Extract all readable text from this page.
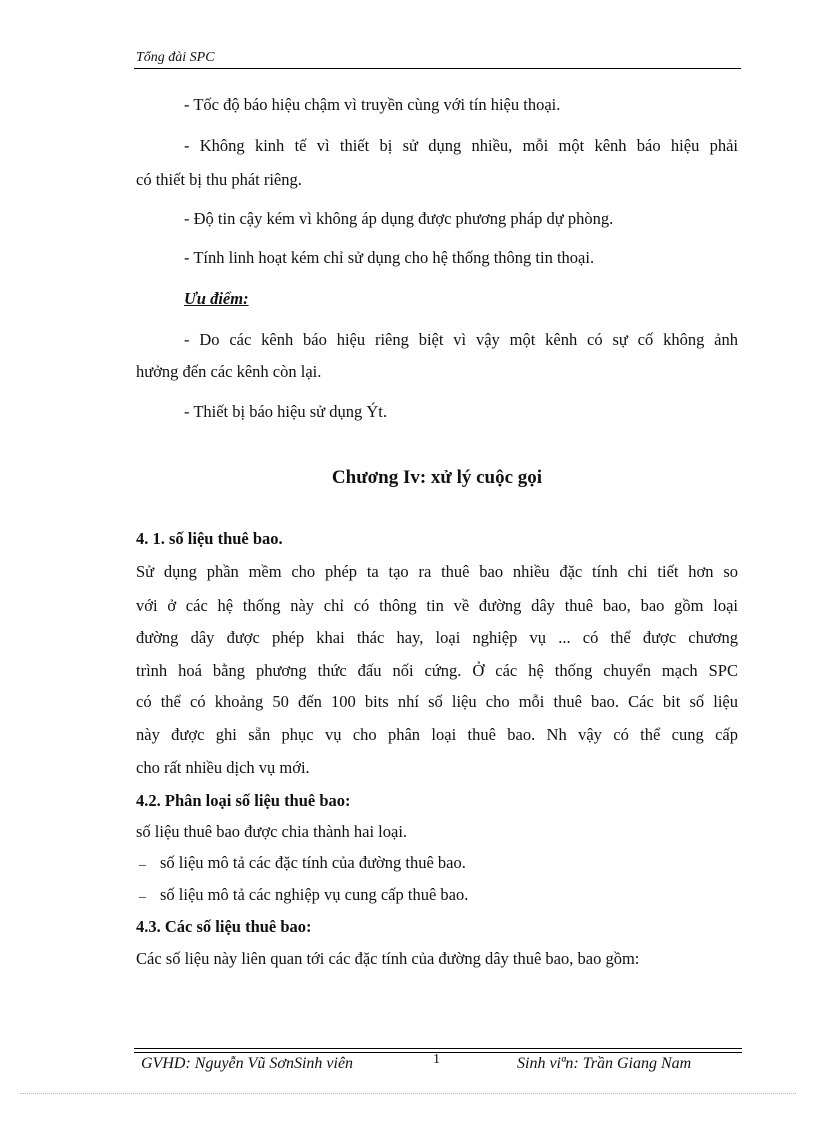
Tổng đài SPC
- Tốc độ báo hiệu chậm vì truyền cùng với tín hiệu thoại.
- Không kinh tế vì thiết bị sử dụng nhiều, mỗi một kênh báo hiệu phải
có thiết bị thu phát riêng.
- Độ tin cậy kém vì không áp dụng được phương pháp dự phòng.
- Tính linh hoạt kém chỉ sử dụng cho hệ thống thông tin thoại.
Ưu điểm:
- Do các kênh báo hiệu riêng biệt vì vậy một kênh có sự cố không ảnh
hưởng đến các kênh còn lại.
- Thiết bị báo hiệu sử dụng Ýt.
Chương Iv: xử lý cuộc gọi
4. 1. số liệu thuê bao.
Sử dụng phần mềm cho phép ta tạo ra thuê bao nhiều đặc tính chi tiết hơn so
với ở các hệ thống này chỉ có thông tin về đường dây thuê bao, bao gồm loại
đường dây được phép khai thác hay, loại nghiệp vụ ... có thể được chương
trình hoá bằng phương thức đấu nối cứng. Ở các hệ thống chuyển mạch SPC
có thể có khoảng 50 đến 100 bits nhí số liệu cho mỗi thuê bao. Các bit số liệu
này được ghi sẵn phục vụ cho phân loại thuê bao. Nh vậy có thể cung cấp
cho rất nhiều dịch vụ mới.
4.2. Phân loại số liệu thuê bao:
số liệu thuê bao được chia thành hai loại.
_ số liệu mô tả các đặc tính của đường thuê bao.
_ số liệu mô tả các nghiệp vụ cung cấp thuê bao.
4.3. Các số liệu thuê bao:
Các số liệu này liên quan tới các đặc tính của đường dây thuê bao, bao gồm:
GVHD: Nguyễn Vũ SơnSinh viên	1	Sinh viªn: Trần Giang Nam
